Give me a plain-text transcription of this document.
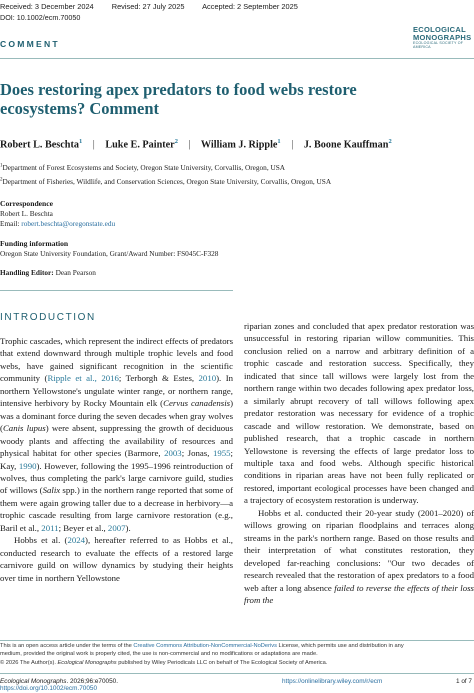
Received: 3 December 2024 Revised: 27 July 2025 Accepted: 2 September 2025
DOI: 10.1002/ecm.70050
ECOLOGICAL
MONOGRAPHS
ECOLOGICAL SOCIETY OF AMERICA
COMMENT
Does restoring apex predators to food webs restore ecosystems? Comment
Robert L. Beschta$^1$ | Luke E. Painter$^2$ | William J. Ripple$^1$ | J. Boone Kauffman$^2$
$^1$Department of Forest Ecosystems and Society, Oregon State University, Corvallis, Oregon, USA
$^2$Department of Fisheries, Wildlife, and Conservation Sciences, Oregon State University, Corvallis, Oregon, USA
Correspondence
Robert L. Beschta
Email: robert.beschta@oregonstate.edu
Funding information
Oregon State University Foundation, Grant/Award Number: FS045C-F328
Handling Editor: Dean Pearson
INTRODUCTION

Trophic cascades, which represent the indirect effects of predators that extend downward through multiple trophic levels and food webs, have gained significant recognition in the scientific community (Ripple et al., 2016; Terborgh & Estes, 2010). In northern Yellowstone's ungulate winter range, or northern range, intensive herbivory by Rocky Mountain elk (Cervus canadensis) was a dominant force during the seven decades when gray wolves (Canis lupus) were absent, suppressing the growth of deciduous woody plants and affecting the availability of resources and physical habitat for other species (Barmore, 2003; Jonas, 1955; Kay, 1990). However, following the 1995–1996 reintroduction of wolves, thus completing the park's large carnivore guild, studies of willows (Salix spp.) in the northern range reported that some of them were again growing taller due to a decrease in herbivory—a trophic cascade resulting from large carnivore restoration (e.g., Baril et al., 2011; Beyer et al., 2007).

Hobbs et al. (2024), hereafter referred to as Hobbs et al., conducted research to evaluate the effects of a restored large carnivore guild on willow dynamics by studying their heights over time in northern Yellowstone

riparian zones and concluded that apex predator restoration was unsuccessful in restoring riparian willow communities. This conclusion relied on a narrow and arbitrary definition of a trophic cascade and restoration success. Specifically, they indicated that since tall willows were largely lost from the northern range within two decades following apex predator loss, a similarly abrupt recovery of tall willows following apex predator restoration was necessary for evidence of a trophic cascade and willow restoration. We demonstrate, based on published research, that a trophic cascade in northern Yellowstone is reversing the effects of large predator loss to multiple taxa and food webs. Although specific historical conditions in riparian areas have not been fully replicated or restored, important ecological processes have been changed and a trajectory of ecosystem restoration is underway.

Hobbs et al. conducted their 20-year study (2001–2020) of willows growing on riparian floodplains and terraces along streams in the park's northern range. Based on those results and their interpretation of what constitutes restoration, they developed far-reaching conclusions: "Our two decades of research revealed that the restoration of apex predators to a food web after a long absence failed to reverse the effects of their loss from the

This is an open access article under the terms of the Creative Commons Attribution-NonCommercial-NoDerivs License, which permits use and distribution in any
medium, provided the original work is properly cited, the use is non-commercial and no modifications or adaptations are made.
© 2026 The Author(s). Ecological Monographs published by Wiley Periodicals LLC on behalf of The Ecological Society of America.
Ecological Monographs. 2026;96:e70050.
https://doi.org/10.1002/ecm.70050
https://onlinelibrary.wiley.com/r/ecm	1 of 7
